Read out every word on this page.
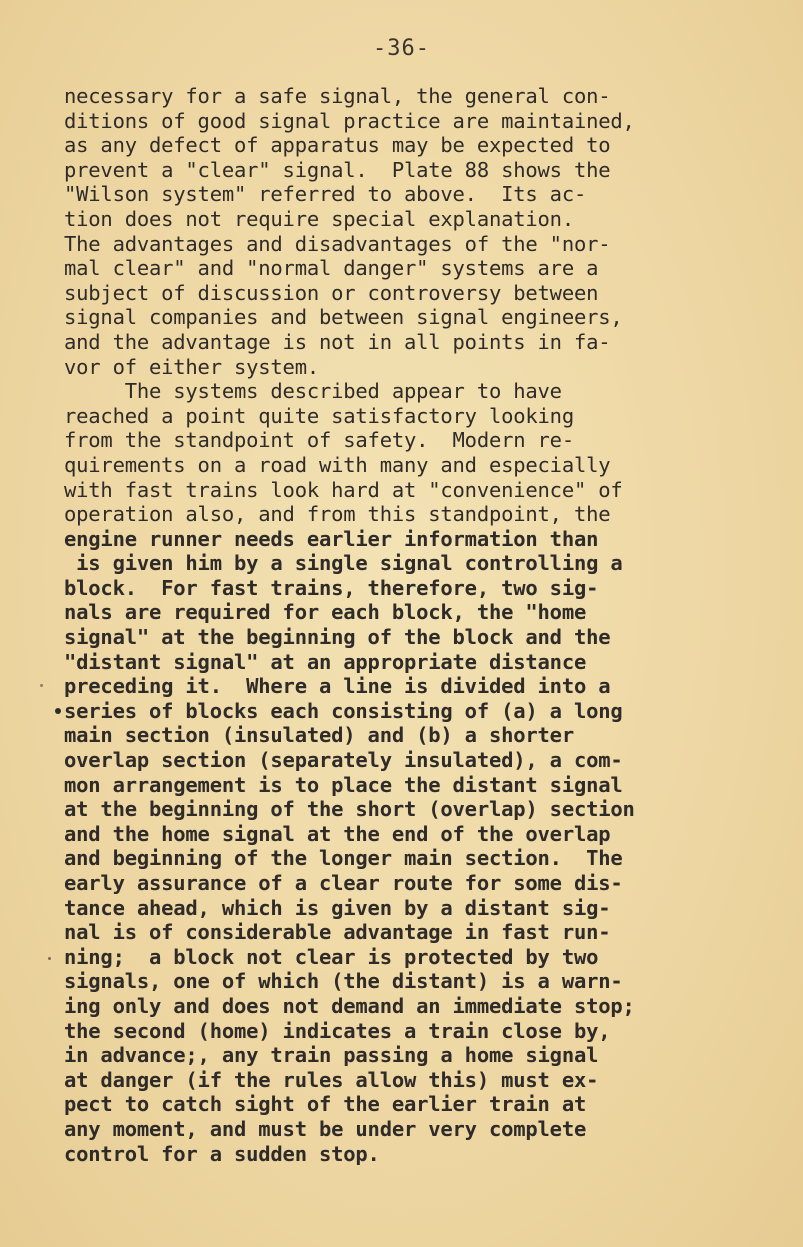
-36-
necessary for a safe signal, the general con-
ditions of good signal practice are maintained,
as any defect of apparatus may be expected to
prevent a "clear" signal.  Plate 88 shows the
"Wilson system" referred to above.  Its ac-
tion does not require special explanation.
The advantages and disadvantages of the "nor-
mal clear" and "normal danger" systems are a
subject of discussion or controversy between
signal companies and between signal engineers,
and the advantage is not in all points in fa-
vor of either system.
The systems described appear to have
reached a point quite satisfactory looking
from the standpoint of safety.  Modern re-
quirements on a road with many and especially
with fast trains look hard at "convenience" of
operation also, and from this standpoint, the
engine runner needs earlier information than
is given him by a single signal controlling a
block.  For fast trains, therefore, two sig-
nals are required for each block, the "home
signal" at the beginning of the block and the
"distant signal" at an appropriate distance
preceding it.  Where a line is divided into a
series of blocks each consisting of (a) a long
main section (insulated) and (b) a shorter
overlap section (separately insulated), a com-
mon arrangement is to place the distant signal
at the beginning of the short (overlap) section
and the home signal at the end of the overlap
and beginning of the longer main section.  The
early assurance of a clear route for some dis-
tance ahead, which is given by a distant sig-
nal is of considerable advantage in fast run-
ning;  a block not clear is protected by two
signals, one of which (the distant) is a warn-
ing only and does not demand an immediate stop;
the second (home) indicates a train close by,
in advance;, any train passing a home signal
at danger (if the rules allow this) must ex-
pect to catch sight of the earlier train at
any moment, and must be under very complete
control for a sudden stop.
